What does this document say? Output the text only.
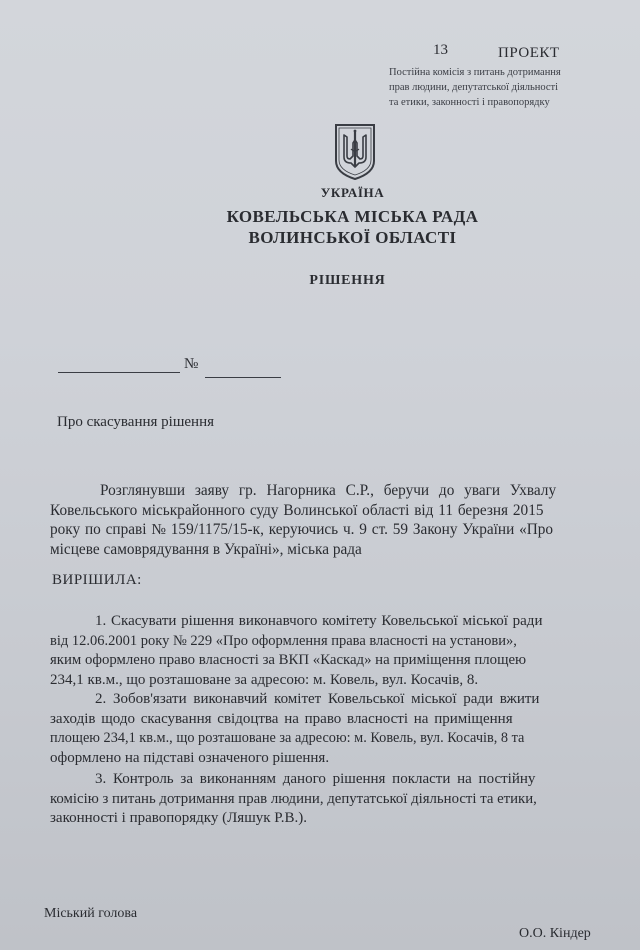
13	ПРОЕКТ
Постійна комісія з питань дотримання
прав людини, депутатської діяльності
та етики, законності і правопорядку
УКРАЇНА
КОВЕЛЬСЬКА МІСЬКА РАДА
ВОЛИНСЬКОЇ ОБЛАСТІ
РІШЕННЯ
№
Про скасування рішення
Розглянувши заяву гр. Нагорника С.Р., беручи до уваги Ухвалу
Ковельського міськрайонного суду Волинської області від 11 березня 2015
року по справі № 159/1175/15-к, керуючись ч. 9 ст. 59 Закону України «Про
місцеве самоврядування в Україні», міська рада
ВИРІШИЛА:
1. Скасувати рішення виконавчого комітету Ковельської міської ради
від 12.06.2001 року № 229 «Про оформлення права власності на установи»,
яким оформлено право власності за ВКП «Каскад» на приміщення площею
234,1 кв.м., що розташоване за адресою: м. Ковель, вул. Косачів, 8.
2. Зобов'язати виконавчий комітет Ковельської міської ради вжити
заходів щодо скасування свідоцтва на право власності на приміщення
площею 234,1 кв.м., що розташоване за адресою: м. Ковель, вул. Косачів, 8 та
оформлено на підставі означеного рішення.
3. Контроль за виконанням даного рішення покласти на постійну
комісію з питань дотримання прав людини, депутатської діяльності та етики,
законності і правопорядку (Ляшук Р.В.).
Міський голова
О.О. Кіндер
